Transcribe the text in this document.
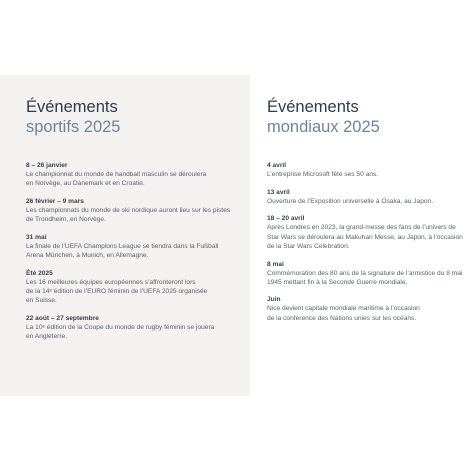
Événements
sportifs 2025
8 – 26 janvier
Le championnat du monde de handball masculin se déroulera
en Norvège, au Danemark et en Croatie.
26 février – 9 mars
Les championnats du monde de ski nordique auront lieu sur les pistes
de Trondheim, en Norvège.
31 mai
La finale de l’UEFA Champions League se tiendra dans la Fußball
Arena München, à Munich, en Allemagne.
Été 2025
Les 16 meilleures équipes européennes s’affronteront lors
de la 14ᵉ édition de l’EURO féminin de l’UEFA 2025 organisée
en Suisse.
22 août – 27 septembre
La 10ᵉ édition de la Coupe du monde de rugby féminin se jouera
en Angleterre.
Événements
mondiaux 2025
4 avril
L’entreprise Microsoft fête ses 50 ans.
13 avril
Ouverture de l’Exposition universelle à Osaka, au Japon.
18 – 20 avril
Après Londres en 2023, la grand-messe des fans de l’univers de
Star Wars se déroulera au Makuhari Messe, au Japon, à l’occasion
de la Star Wars Celebration.
8 mai
Commémoration des 80 ans de la signature de l’armistice du 8 mai
1945 mettant fin à la Seconde Guerre mondiale.
Juin
Nice devient capitale mondiale maritime à l’occasion
de la conférence des Nations unies sur les océans.
